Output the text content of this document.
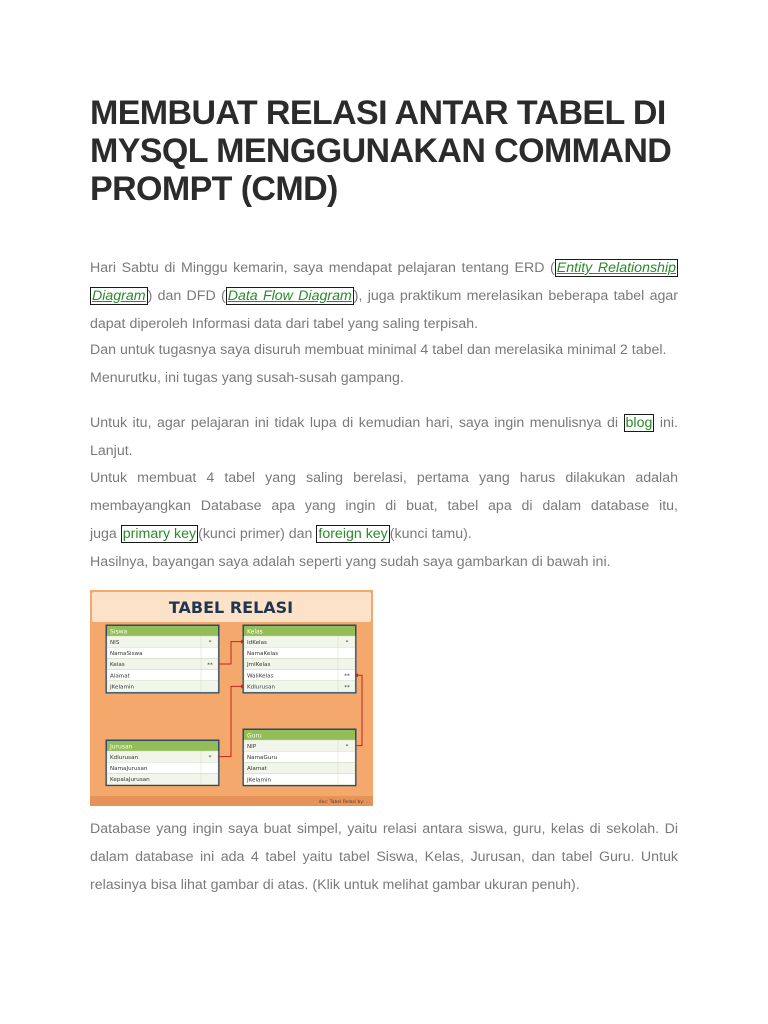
MEMBUAT RELASI ANTAR TABEL DI MYSQL MENGGUNAKAN COMMAND PROMPT (CMD)
Hari Sabtu di Minggu kemarin, saya mendapat pelajaran tentang ERD ( Entity Relationship
Diagram ) dan DFD ( Data Flow Diagram ), juga praktikum merelasikan beberapa tabel agar
dapat diperoleh Informasi data dari tabel yang saling terpisah.
Dan untuk tugasnya saya disuruh membuat minimal 4 tabel dan merelasika minimal 2 tabel.
Menurutku, ini tugas yang susah-susah gampang.
Untuk itu, agar pelajaran ini tidak lupa di kemudian hari, saya ingin menulisnya di blog ini.
Lanjut.
Untuk membuat 4 tabel yang saling berelasi, pertama yang harus dilakukan adalah
membayangkan Database apa yang ingin di buat, tabel apa di dalam database itu,
juga primary key (kunci primer) dan foreign key (kunci tamu).
Hasilnya, bayangan saya adalah seperti yang sudah saya gambarkan di bawah ini.
TABEL RELASI
Siswa
NIS	*
NamaSiswa
Kelas	**
Alamat
JKelamin
Kelas
IdKelas	*
NamaKelas
JmlKelas
WaliKelas	**
Kdlurusan	**
Jurusan
Kdlurusan	*
NamaJurusan
KepalaJurusan
Guru
NIP	*
NamaGuru
Alamat
JKelamin
doc: Tabel Relasi by: ...
Database yang ingin saya buat simpel, yaitu relasi antara siswa, guru, kelas di sekolah. Di
dalam database ini ada 4 tabel yaitu tabel Siswa, Kelas, Jurusan, dan tabel Guru. Untuk
relasinya bisa lihat gambar di atas. (Klik untuk melihat gambar ukuran penuh).
